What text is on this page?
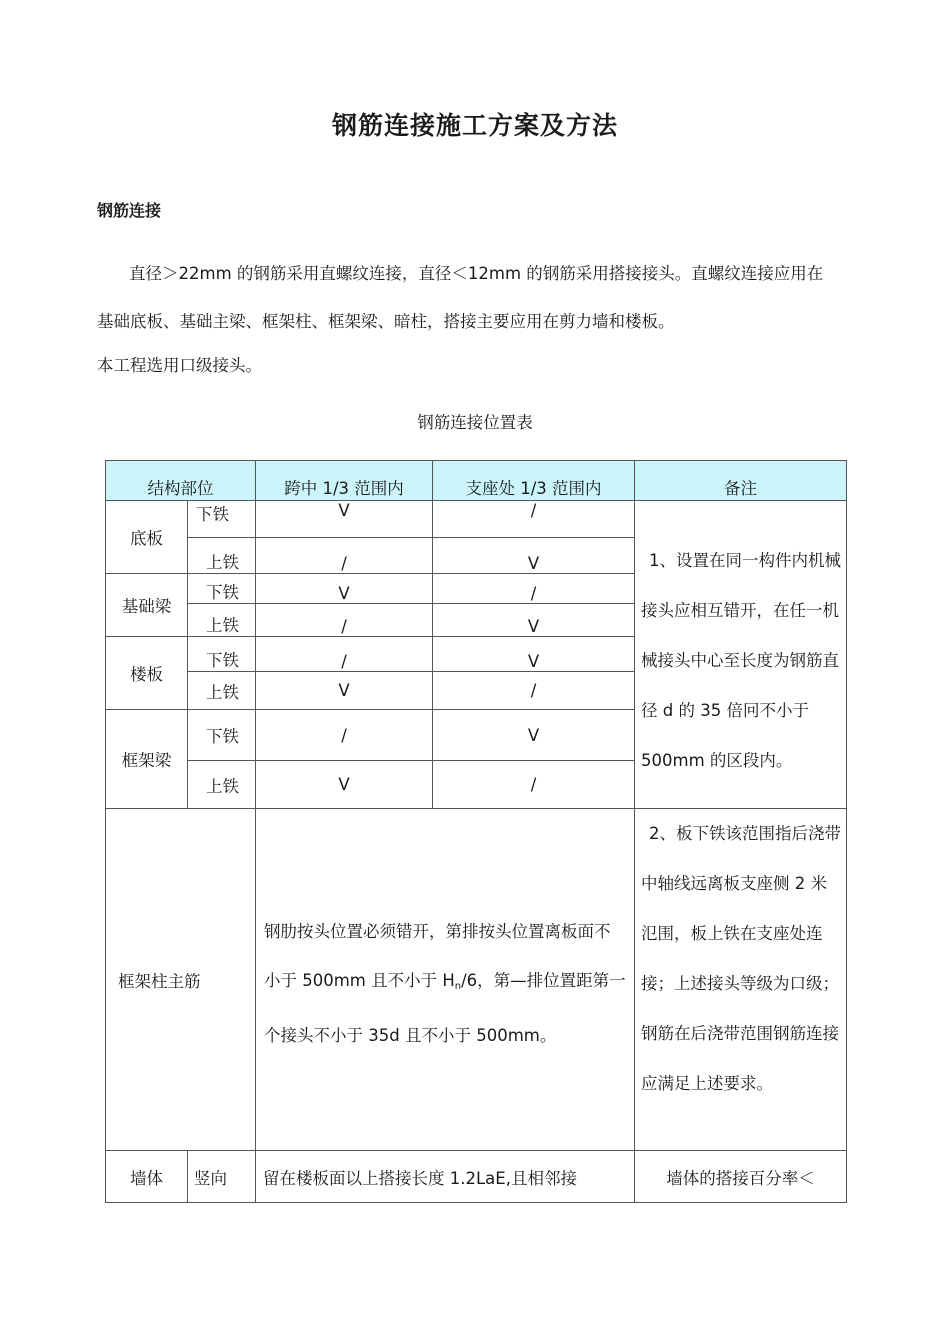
钢筋连接施工方案及方法
钢筋连接
直径＞22mm 的钢筋采用直螺纹连接，直径＜12mm 的钢筋采用搭接接头。直螺纹连接应用在基础底板、基础主梁、框架柱、框架梁、暗柱，搭接主要应用在剪力墙和楼板。
本工程选用口级接头。
钢筋连接位置表
结构部位		跨中 1/3 范围内	支座处 1/3 范围内	备注
底板	下铁	V	/	1、设置在同一构件内机械接头应相互错开，在任一机械接头中心至长度为钢筋直径 d 的 35 倍冋不小于 500mm 的区段内。

	上铁	/	V	
基础梁	下铁	V	/	
	上铁	/	V	
楼板	下铁	/	V	
	上铁	V	/	
框架梁	下铁	/	V	
	上铁	V	/	
框架柱主筋		钢肋按头位置必须错开，第排按头位置离板面不小于 500mm 且不小于 Hn/6，第—排位置距第一个接头不小于 35d 且不小于 500mm。		2、板下铁该范围指后浇带中轴线远离板支座侧 2 米氾围，板上铁在支座处连接；上述接头等级为口级；钢筋在后浇带范围钢筋连接应满足上述要求。

墙体	竖向	留在楼板面以上搭接长度 1.2LaE,且相邻接		墙体的搭接百分率＜
